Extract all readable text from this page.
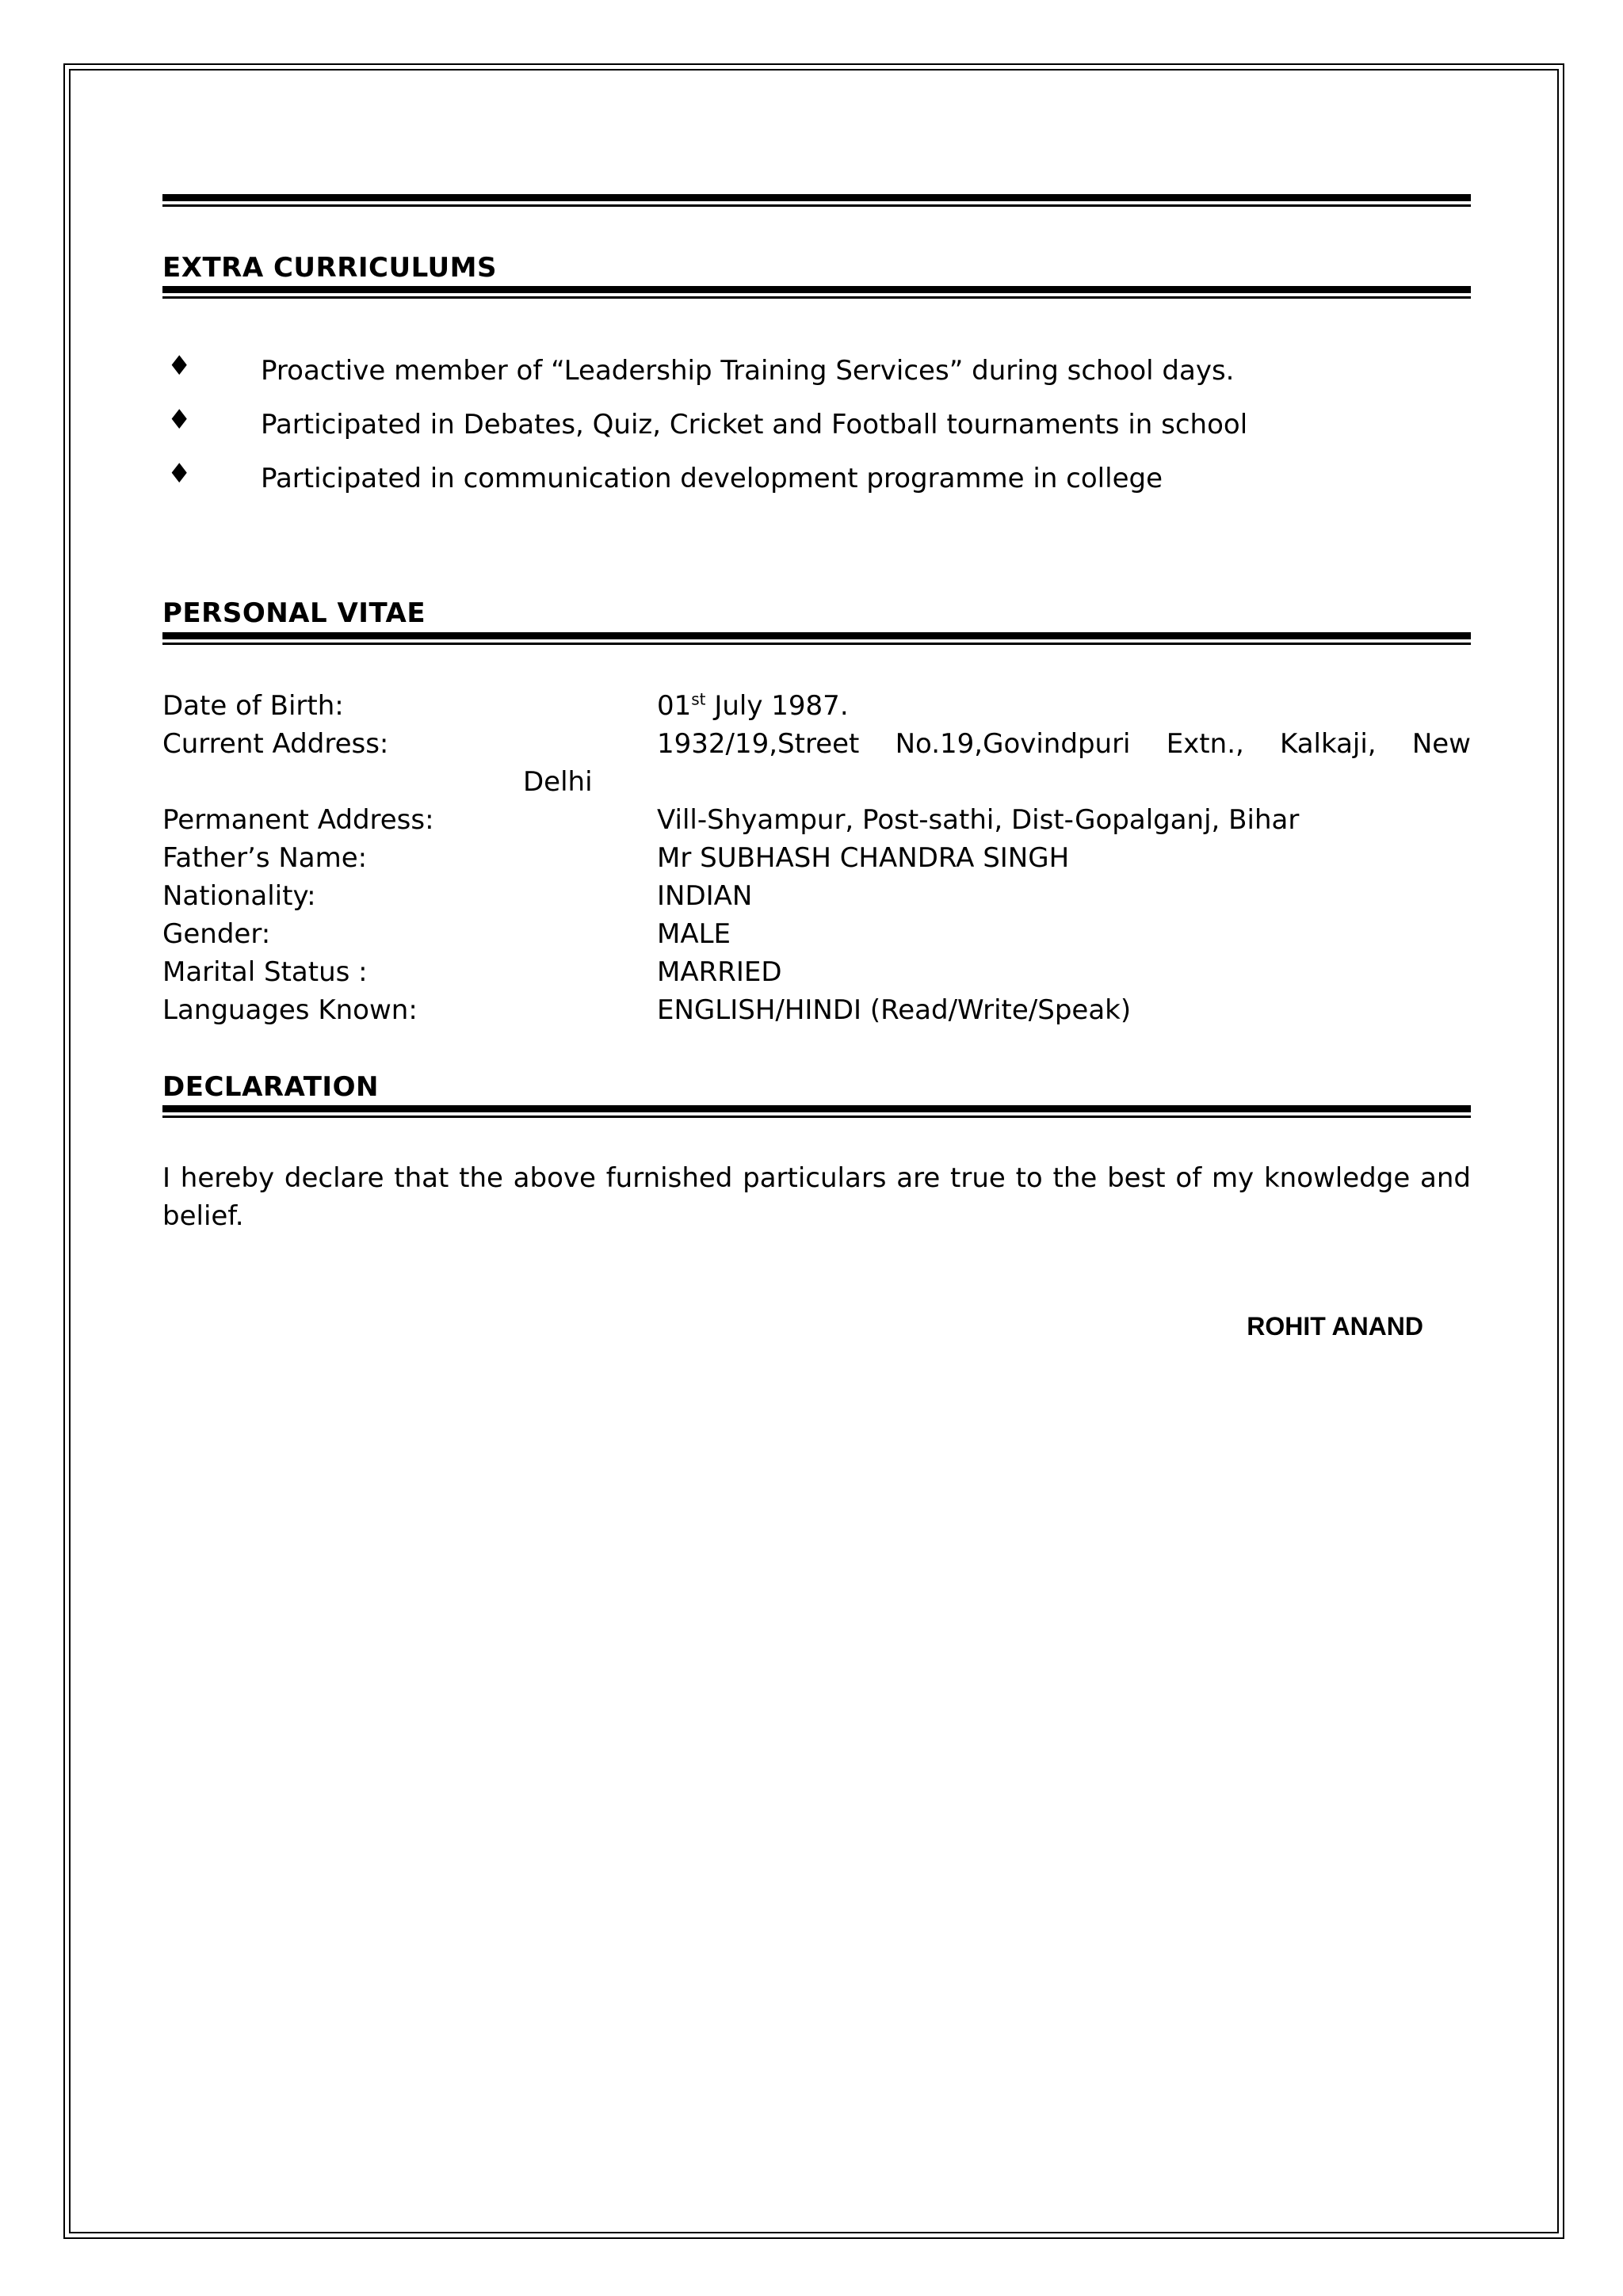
EXTRA CURRICULUMS
♦	Proactive member of “Leadership Training Services” during school days.
♦	Participated in Debates, Quiz, Cricket and Football tournaments in school
♦	Participated in communication development programme in college
PERSONAL VITAE
Date of Birth:	01st July 1987.
Current Address:	1932/19,Street No.19,Govindpuri Extn., Kalkaji, New
Delhi
Permanent Address:	Vill-Shyampur, Post-sathi, Dist-Gopalganj, Bihar
Father’s Name:	Mr SUBHASH CHANDRA SINGH
Nationality:	INDIAN
Gender:	MALE
Marital Status :	MARRIED
Languages Known:	ENGLISH/HINDI (Read/Write/Speak)
DECLARATION
I hereby declare that the above furnished particulars are true to the best of my knowledge and belief.
ROHIT ANAND
